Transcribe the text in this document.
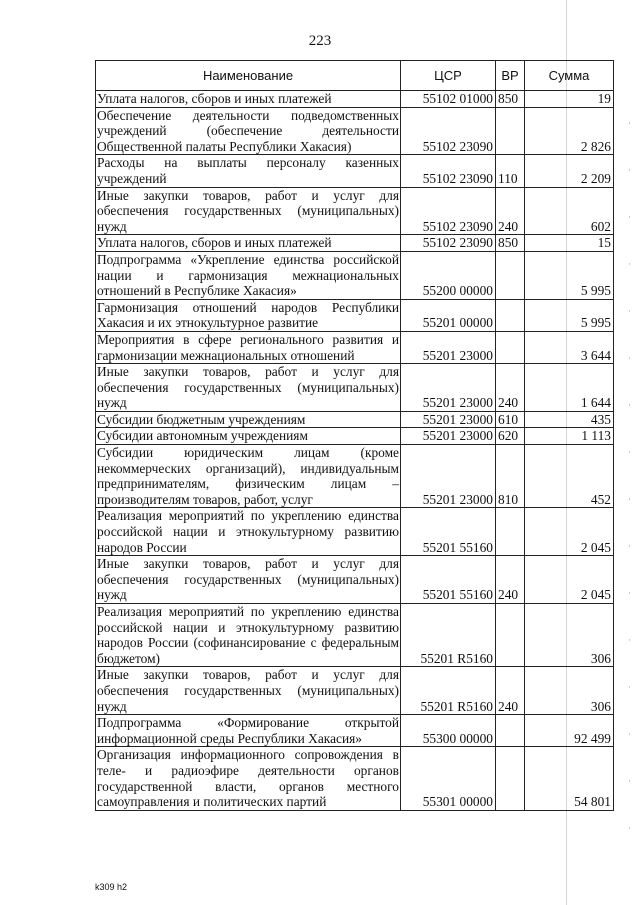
·
·
·
·
·
·
·
·
·
·
·
·
·
·
·
·
223
Наименование	ЦСР	ВР	Сумма
Уплата налогов, сборов и иных платежей	55102 01000	850	19
Обеспечение деятельности подведомственных учреждений (обеспечение деятельности Общественной палаты Республики Хакасия)	55102 23090		2 826
Расходы на выплаты персоналу казенных учреждений	55102 23090	110	2 209
Иные закупки товаров, работ и услуг для обеспечения государственных (муниципальных) нужд	55102 23090	240	602
Уплата налогов, сборов и иных платежей	55102 23090	850	15
Подпрограмма «Укрепление единства российской нации и гармонизация межнациональных отношений в Республике Хакасия»	55200 00000		5 995
Гармонизация отношений народов Республики Хакасия и их этнокультурное развитие	55201 00000		5 995
Мероприятия в сфере регионального развития и гармонизации межнациональных отношений	55201 23000		3 644
Иные закупки товаров, работ и услуг для обеспечения государственных (муниципальных) нужд	55201 23000	240	1 644
Субсидии бюджетным учреждениям	55201 23000	610	435
Субсидии автономным учреждениям	55201 23000	620	1 113
Субсидии юридическим лицам (кроме некоммерческих организаций), индивидуальным предпринимателям, физическим лицам – производителям товаров, работ, услуг	55201 23000	810	452
Реализация мероприятий по укреплению единства российской нации и этнокультурному развитию народов России	55201 55160		2 045
Иные закупки товаров, работ и услуг для обеспечения государственных (муниципальных) нужд	55201 55160	240	2 045
Реализация мероприятий по укреплению единства российской нации и этнокультурному развитию народов России (софинансирование с федеральным бюджетом)	55201 R5160		306
Иные закупки товаров, работ и услуг для обеспечения государственных (муниципальных) нужд	55201 R5160	240	306
Подпрограмма «Формирование открытой информационной среды Республики Хакасия»	55300 00000		92 499
Организация информационного сопровождения в теле- и радиоэфире деятельности органов государственной власти, органов местного самоуправления и политических партий	55301 00000		54 801
k309 h2
